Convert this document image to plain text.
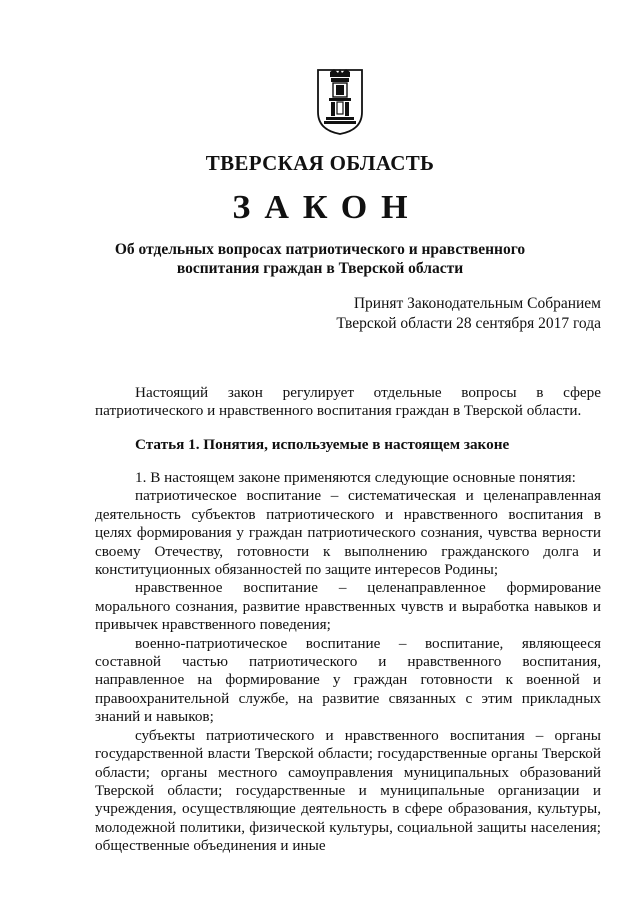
ТВЕРСКАЯ ОБЛАСТЬ
ЗАКОН
Об отдельных вопросах патриотического и нравственного
воспитания граждан в Тверской области
Принят Законодательным Собранием
Тверской области 28 сентября 2017 года

Настоящий закон регулирует отдельные вопросы в сфере патриотического и нравственного воспитания граждан в Тверской области.

Статья 1. Понятия, используемые в настоящем законе

1. В настоящем законе применяются следующие основные понятия:

патриотическое воспитание – систематическая и целенаправленная деятельность субъектов патриотического и нравственного воспитания в целях формирования у граждан патриотического сознания, чувства верности своему Отечеству, готовности к выполнению гражданского долга и конституционных обязанностей по защите интересов Родины;

нравственное воспитание – целенаправленное формирование морального сознания, развитие нравственных чувств и выработка навыков и привычек нравственного поведения;

военно-патриотическое воспитание – воспитание, являющееся составной частью патриотического и нравственного воспитания, направленное на формирование у граждан готовности к военной и правоохранительной службе, на развитие связанных с этим прикладных знаний и навыков;

субъекты патриотического и нравственного воспитания – органы государственной власти Тверской области; государственные органы Тверской области; органы местного самоуправления муниципальных образований Тверской области; государственные и муниципальные организации и учреждения, осуществляющие деятельность в сфере образования, культуры, молодежной политики, физической культуры, социальной защиты населения; общественные объединения и иные
